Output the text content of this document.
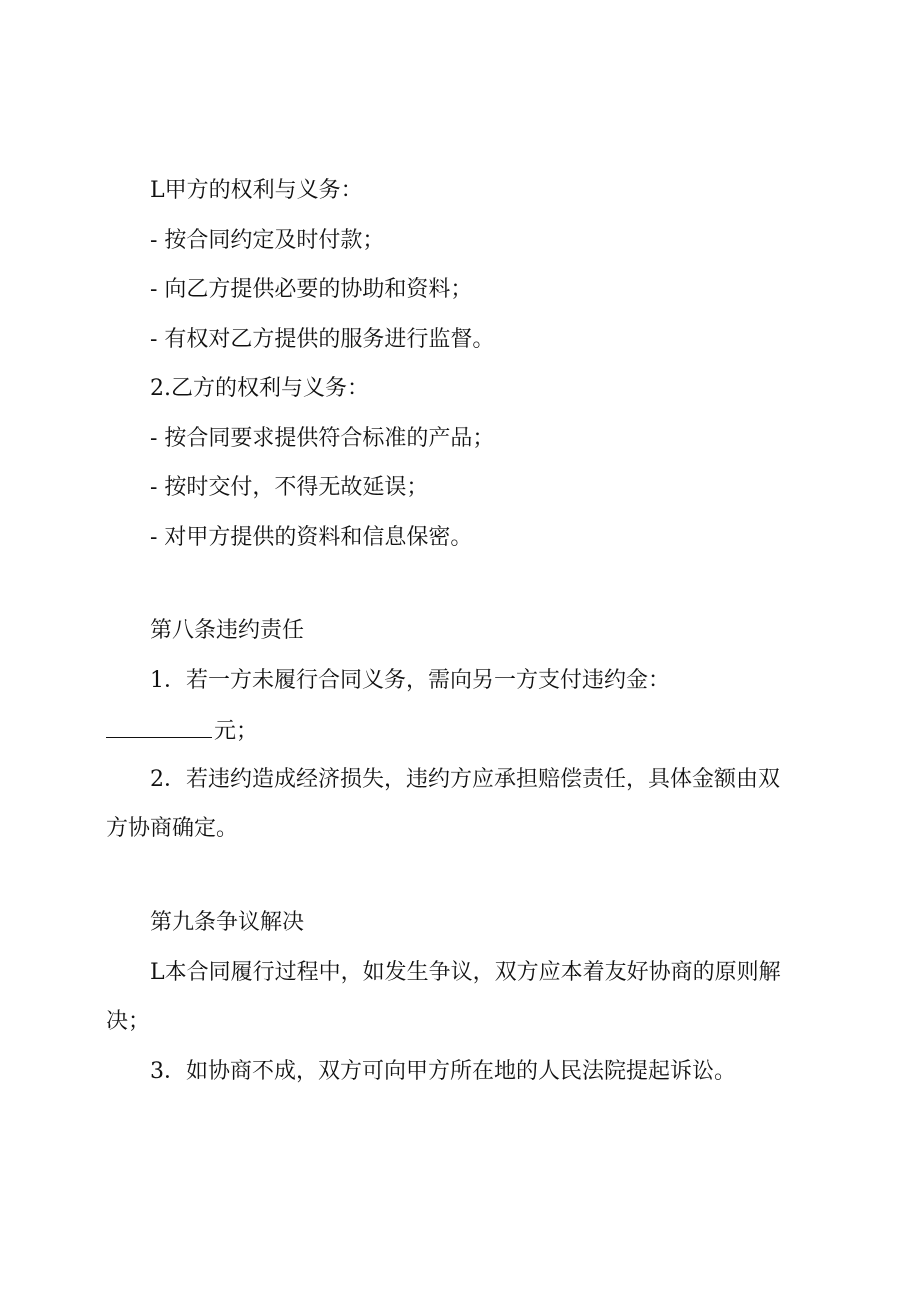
L甲方的权利与义务：
- 按合同约定及时付款；
- 向乙方提供必要的协助和资料；
- 有权对乙方提供的服务进行监督。
2.乙方的权利与义务：
- 按合同要求提供符合标准的产品；
- 按时交付，不得无故延误；
- 对甲方提供的资料和信息保密。
第八条违约责任
1．若一方未履行合同义务，需向另一方支付违约金：
元；
2．若违约造成经济损失，违约方应承担赔偿责任，具体金额由双
方协商确定。
第九条争议解决
L本合同履行过程中，如发生争议，双方应本着友好协商的原则解
决；
3．如协商不成，双方可向甲方所在地的人民法院提起诉讼。
